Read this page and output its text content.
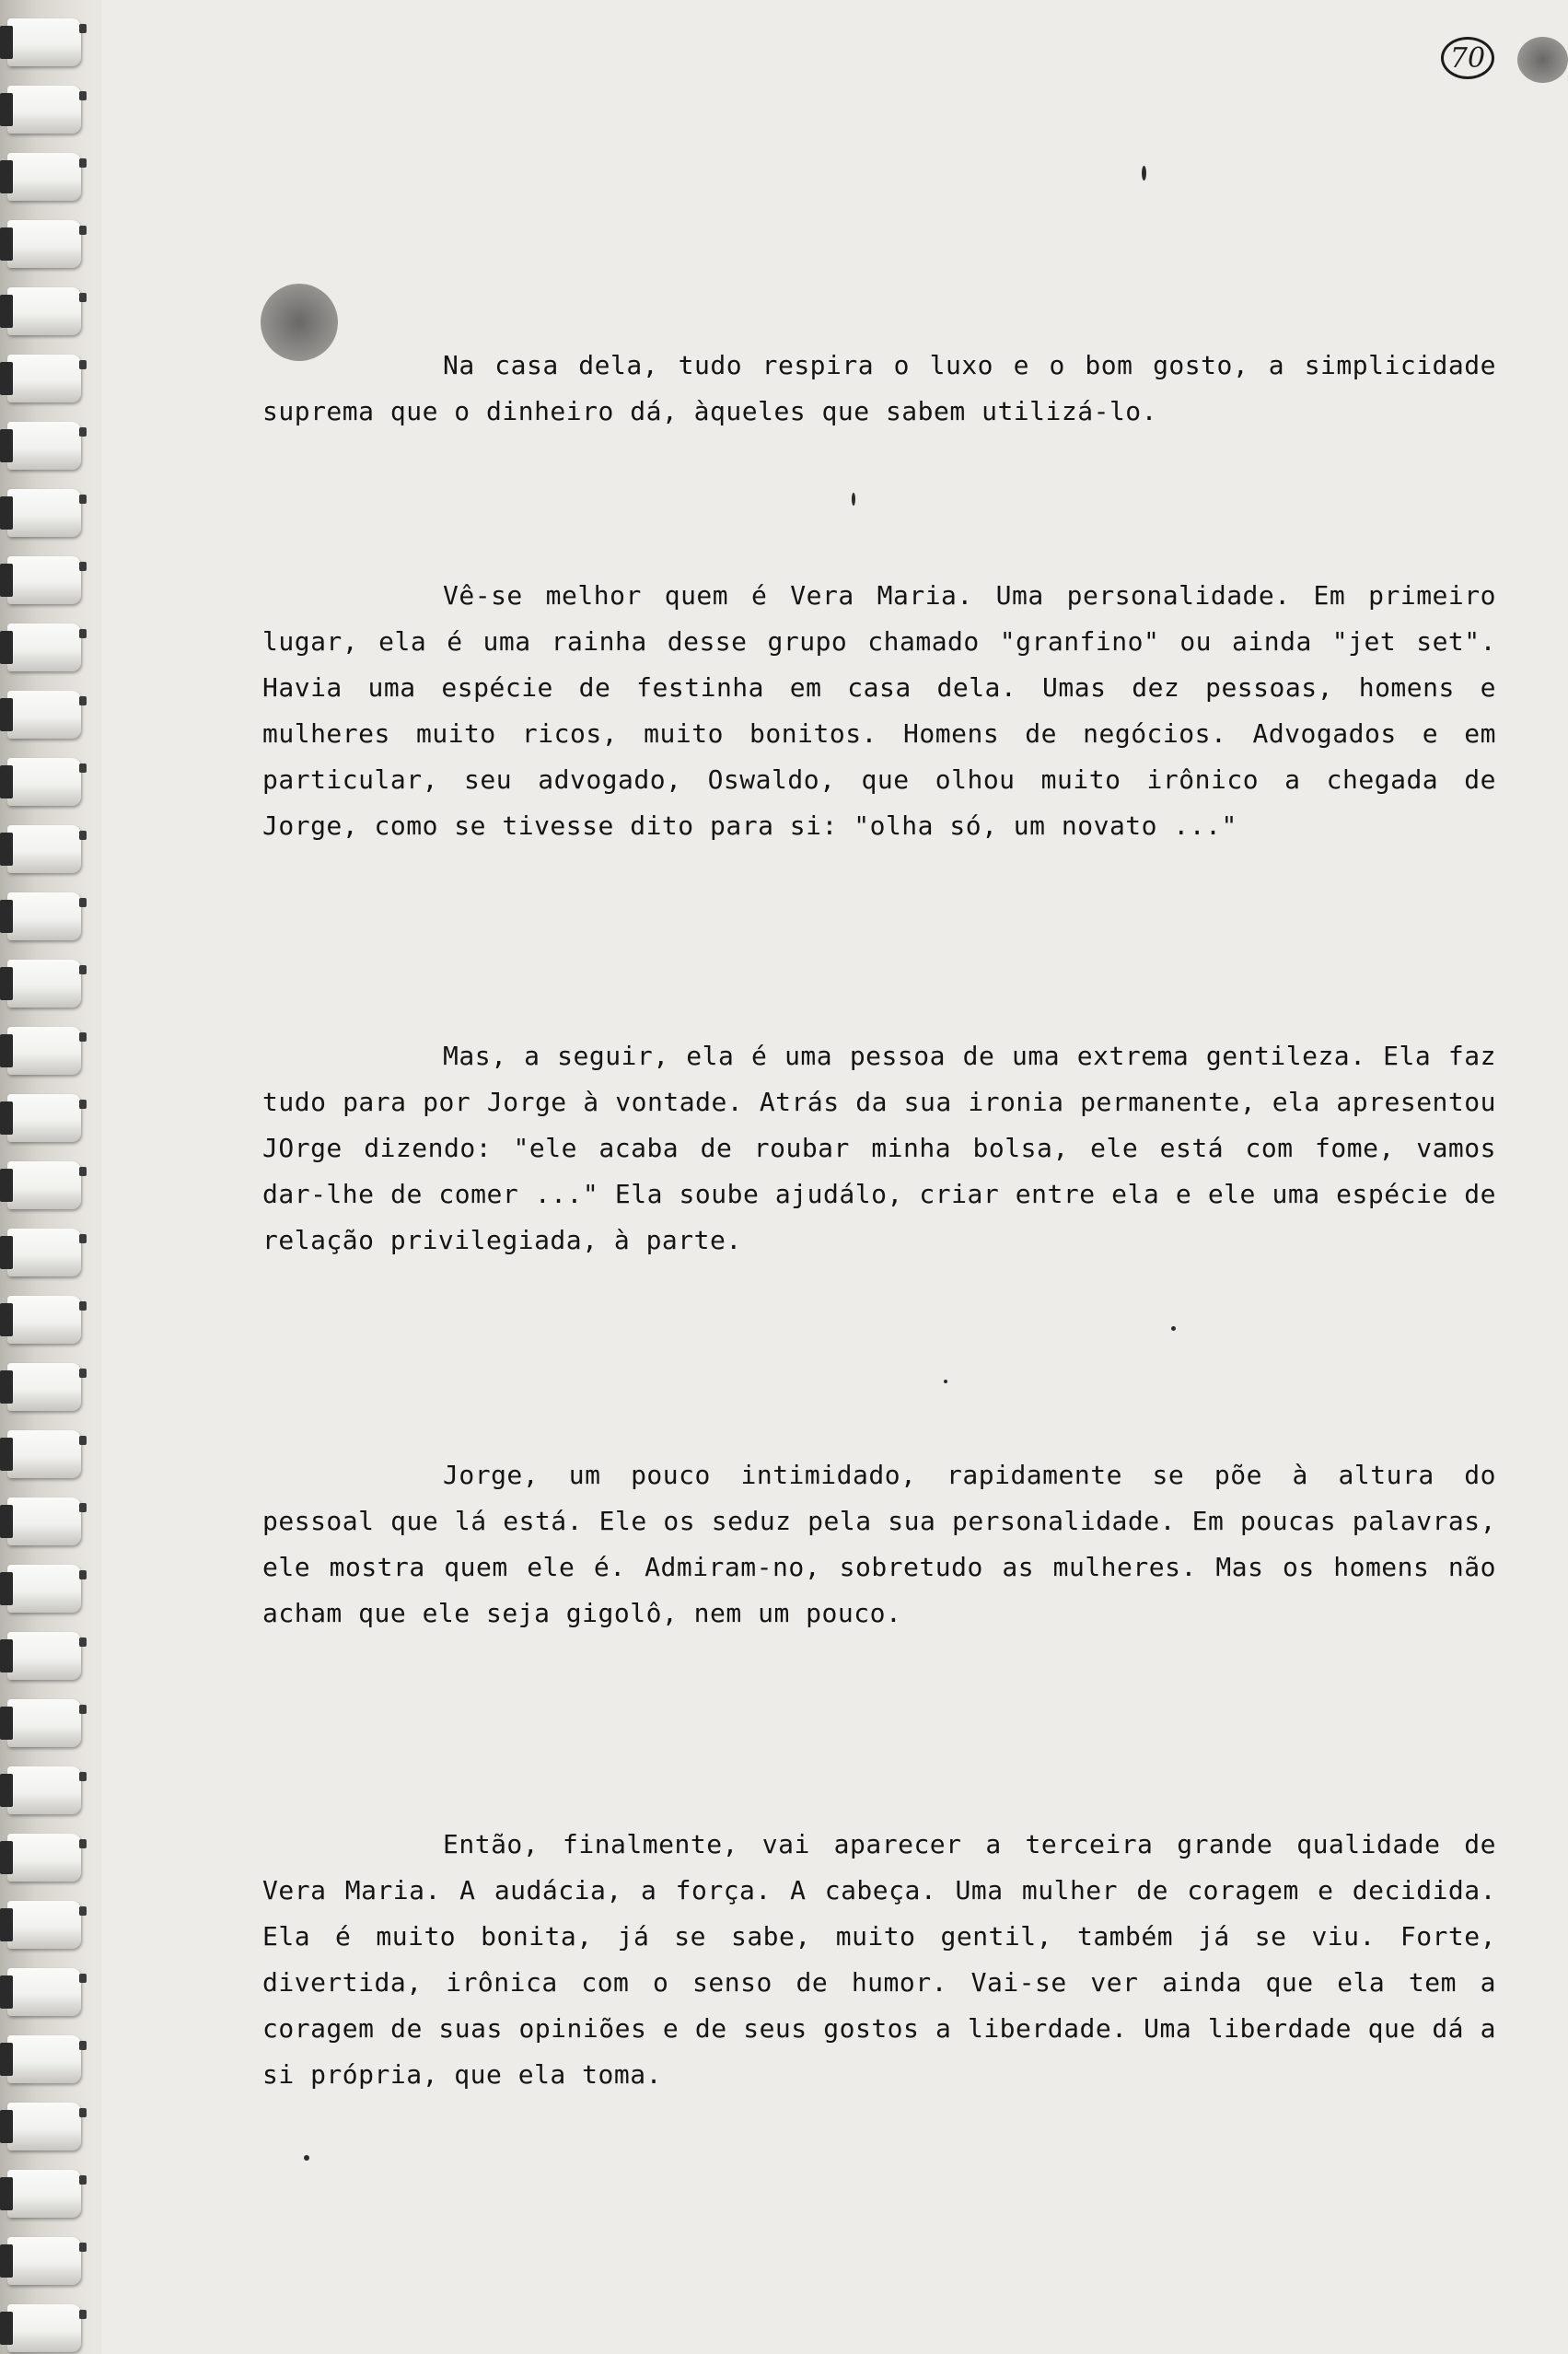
70

Na casa dela, tudo respira o luxo e o bom gosto, a simplicidade suprema que o dinheiro dá, àqueles que sabem utilizá-lo.

Vê-se melhor quem é Vera Maria. Uma personalidade. Em primeiro lugar, ela é uma rainha desse grupo chamado "granfino" ou ainda "jet set". Havia uma espécie de festinha em casa dela. Umas dez pessoas, homens e mulheres muito ricos, muito bonitos. Homens de negócios. Advogados e em particular, seu advogado, Oswaldo, que olhou muito irônico a chegada de Jorge, como se tivesse dito para si: "olha só, um novato ..."

Mas, a seguir, ela é uma pessoa de uma extrema gentileza. Ela faz tudo para por Jorge à vontade. Atrás da sua ironia permanente, ela apresentou JOrge dizendo: "ele acaba de roubar minha bolsa, ele está com fome, vamos dar-lhe de comer ..." Ela soube ajudálo, criar entre ela e ele uma espécie de relação privilegiada, à parte.

Jorge, um pouco intimidado, rapidamente se põe à altura do pessoal que lá está. Ele os seduz pela sua personalidade. Em poucas palavras, ele mostra quem ele é. Admiram-no, sobretudo as mulheres. Mas os homens não acham que ele seja gigolô, nem um pouco.

Então, finalmente, vai aparecer a terceira grande qualidade de Vera Maria. A audácia, a força. A cabeça. Uma mulher de coragem e decidida. Ela é muito bonita, já se sabe, muito gentil, também já se viu. Forte, divertida, irônica com o senso de humor. Vai-se ver ainda que ela tem a coragem de suas opiniões e de seus gostos a liberdade. Uma liberdade que dá a si própria, que ela toma.
